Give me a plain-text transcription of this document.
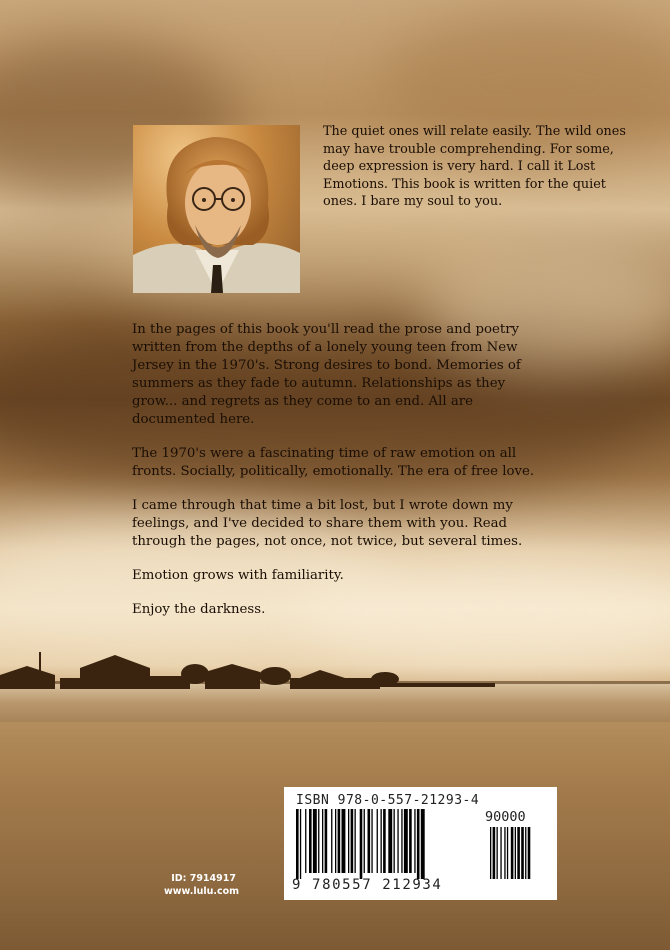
The quiet ones will relate easily. The wild ones may have trouble comprehending. For some, deep expression is very hard. I call it Lost Emotions. This book is written for the quiet ones. I bare my soul to you.

In the pages of this book you'll read the prose and poetry written from the depths of a lonely young teen from New Jersey in the 1970's. Strong desires to bond. Memories of summers as they fade to autumn. Relationships as they grow... and regrets as they come to an end. All are documented here.

The 1970's were a fascinating time of raw emotion on all fronts. Socially, politically, emotionally. The era of free love.

I came through that time a bit lost, but I wrote down my feelings, and I've decided to share them with you. Read through the pages, not once, not twice, but several times.

Emotion grows with familiarity.

Enjoy the darkness.

ID: 7914917
www.lulu.com
ISBN 978-0-557-21293-4
90000
9 780557 212934
